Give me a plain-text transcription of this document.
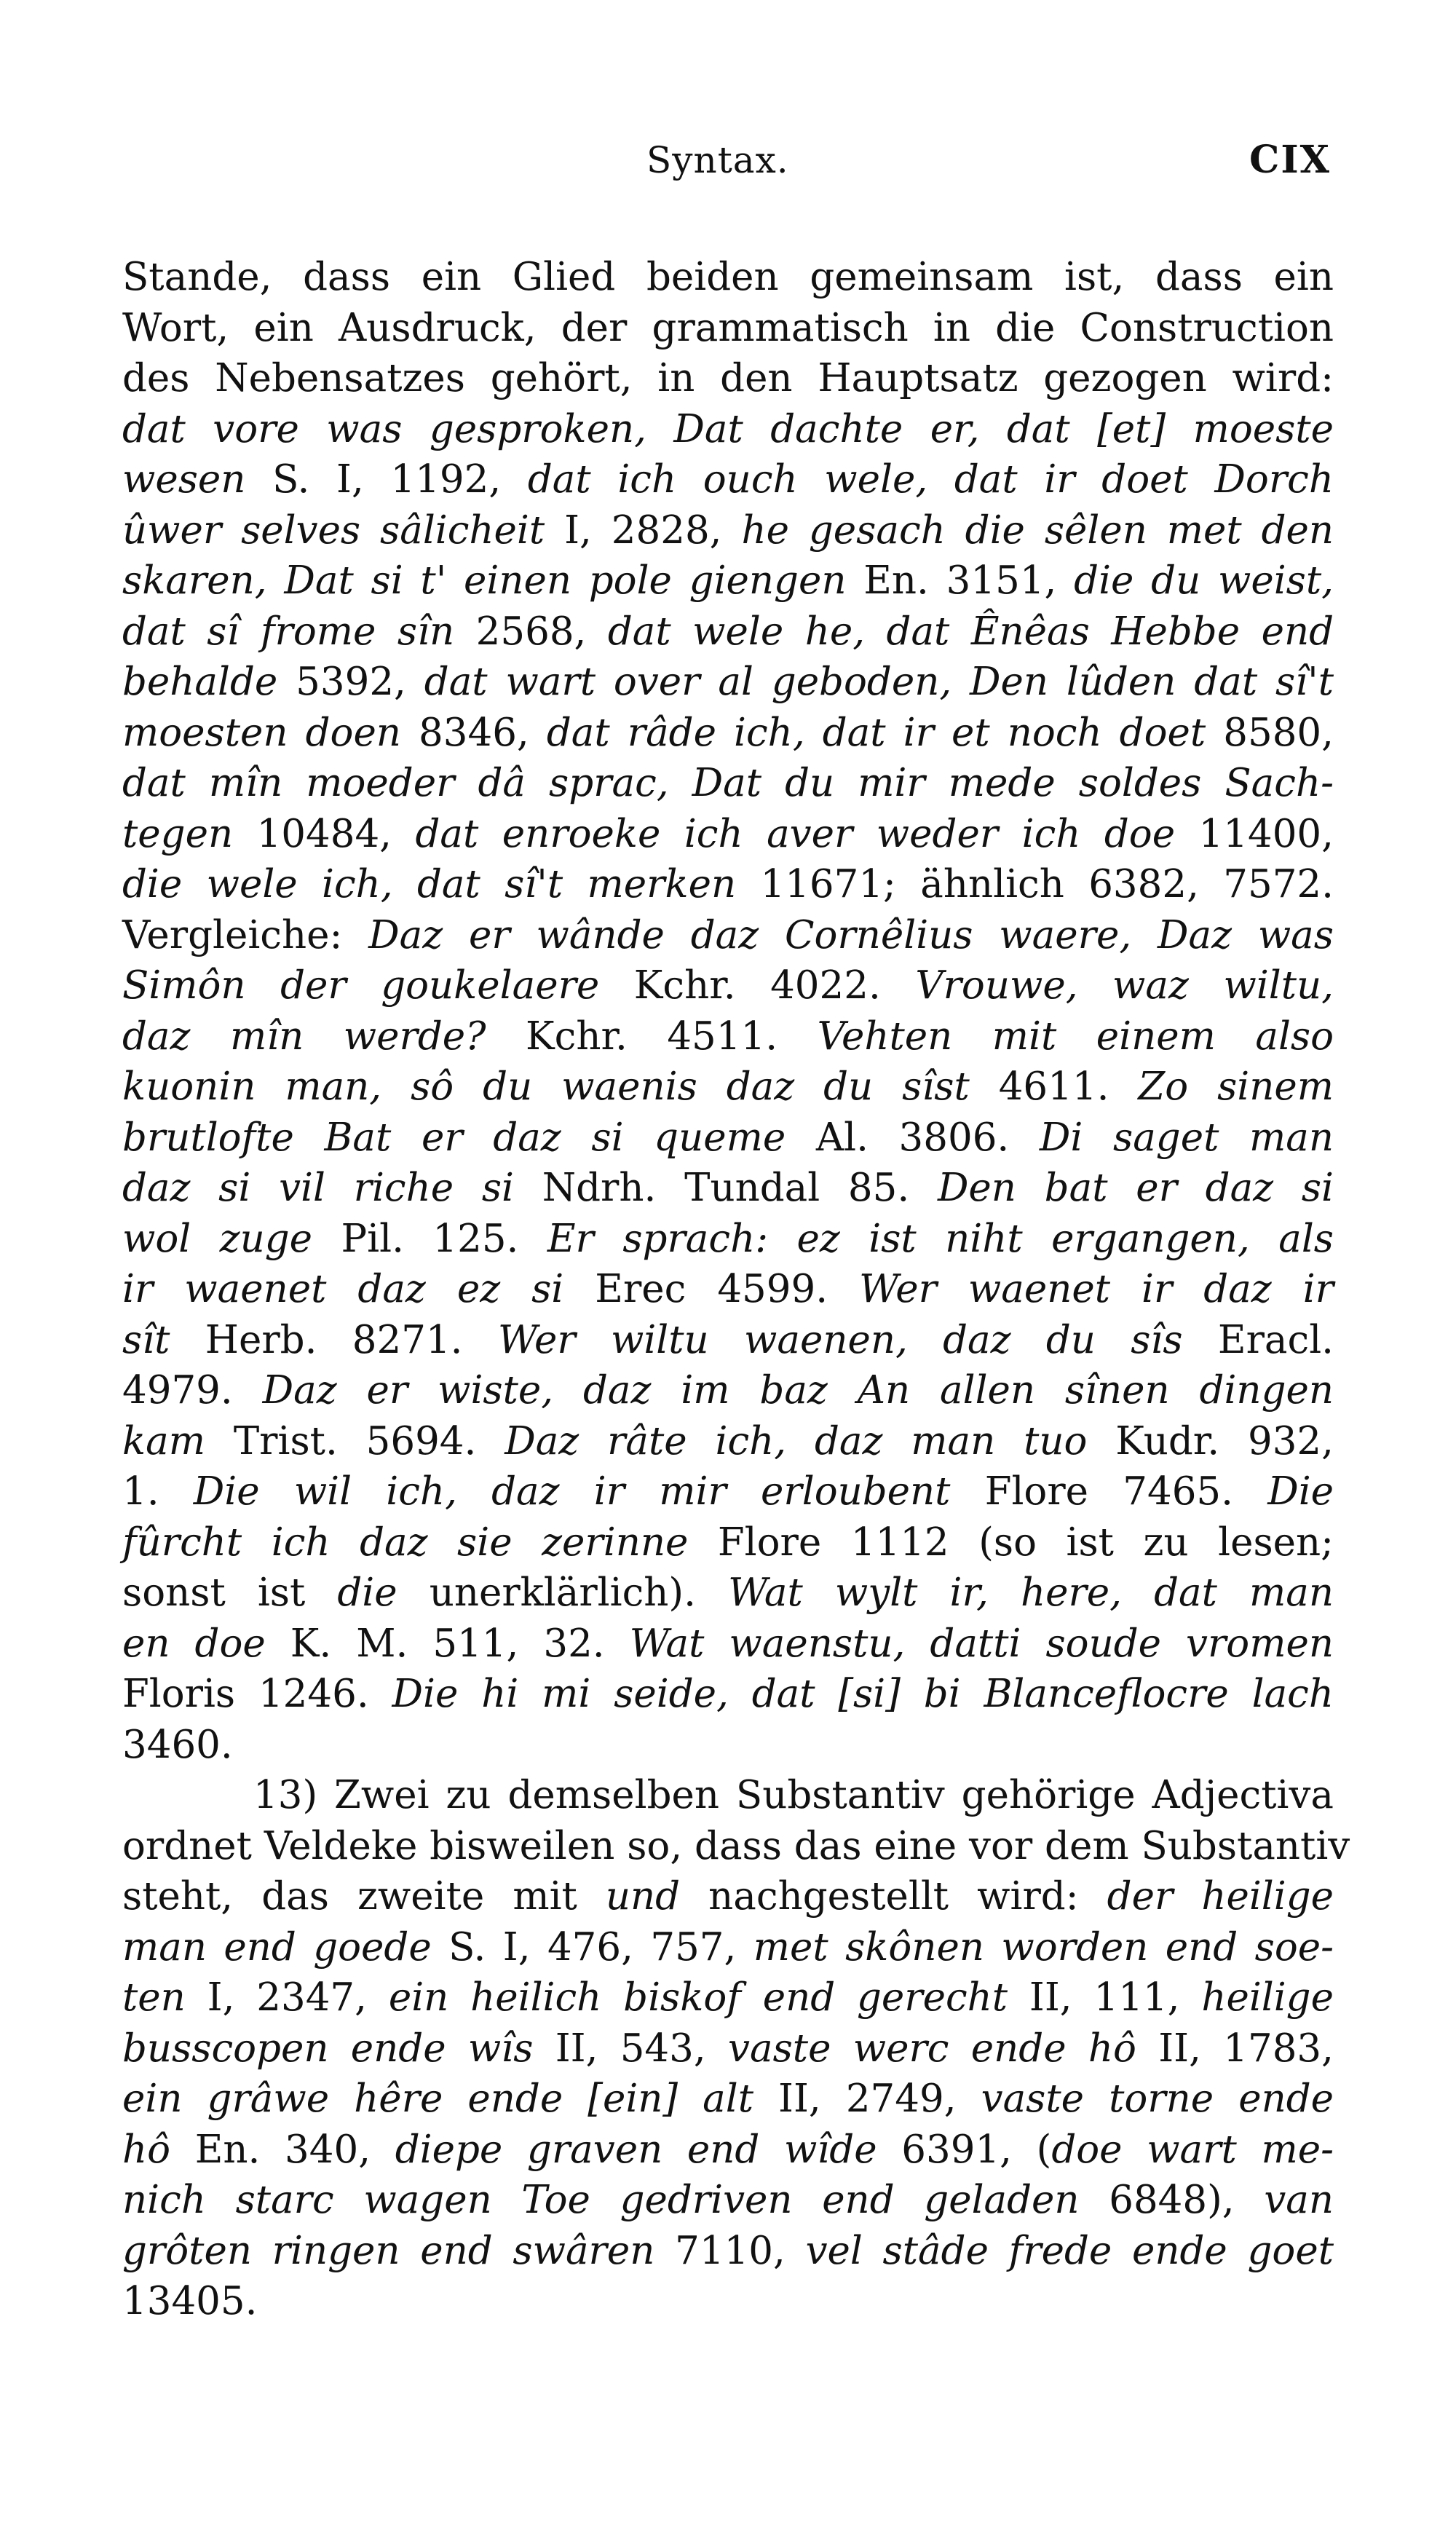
Syntax.	CIX
Stande, dass ein Glied beiden gemeinsam ist, dass ein
Wort, ein Ausdruck, der grammatisch in die Construction
des Nebensatzes gehört, in den Hauptsatz gezogen wird:
dat vore was gesproken, Dat dachte er, dat [et] moeste
wesen S. I, 1192, dat ich ouch wele, dat ir doet Dorch
ûwer selves sâlicheit I, 2828, he gesach die sêlen met den
skaren, Dat si t' einen pole giengen En. 3151, die du weist,
dat sî frome sîn 2568, dat wele he, dat Ênêas Hebbe end
behalde 5392, dat wart over al geboden, Den lûden dat sî't
moesten doen 8346, dat râde ich, dat ir et noch doet 8580,
dat mîn moeder dâ sprac, Dat du mir mede soldes Sach-
tegen 10484, dat enroeke ich aver weder ich doe 11400,
die wele ich, dat sî't merken 11671; ähnlich 6382, 7572.
Vergleiche: Daz er wânde daz Cornêlius waere, Daz was
Simôn der goukelaere Kchr. 4022. Vrouwe, waz wiltu,
daz mîn werde? Kchr. 4511. Vehten mit einem also
kuonin man, sô du waenis daz du sîst 4611. Zo sinem
brutlofte Bat er daz si queme Al. 3806. Di saget man
daz si vil riche si Ndrh. Tundal 85. Den bat er daz si
wol zuge Pil. 125. Er sprach: ez ist niht ergangen, als
ir waenet daz ez si Erec 4599. Wer waenet ir daz ir
sît Herb. 8271. Wer wiltu waenen, daz du sîs Eracl.
4979. Daz er wiste, daz im baz An allen sînen dingen
kam Trist. 5694. Daz râte ich, daz man tuo Kudr. 932,
1. Die wil ich, daz ir mir erloubent Flore 7465. Die
fûrcht ich daz sie zerinne Flore 1112 (so ist zu lesen;
sonst ist die unerklärlich). Wat wylt ir, here, dat man
en doe K. M. 511, 32. Wat waenstu, datti soude vromen
Floris 1246. Die hi mi seide, dat [si] bi Blanceflocre lach
3460.
13) Zwei zu demselben Substantiv gehörige Adjectiva
ordnet Veldeke bisweilen so, dass das eine vor dem Substantiv
steht, das zweite mit und nachgestellt wird: der heilige
man end goede S. I, 476, 757, met skônen worden end soe-
ten I, 2347, ein heilich biskof end gerecht II, 111, heilige
busscopen ende wîs II, 543, vaste werc ende hô II, 1783,
ein grâwe hêre ende [ein] alt II, 2749, vaste torne ende
hô En. 340, diepe graven end wîde 6391, (doe wart me-
nich starc wagen Toe gedriven end geladen 6848), van
grôten ringen end swâren 7110, vel stâde frede ende goet
13405.
